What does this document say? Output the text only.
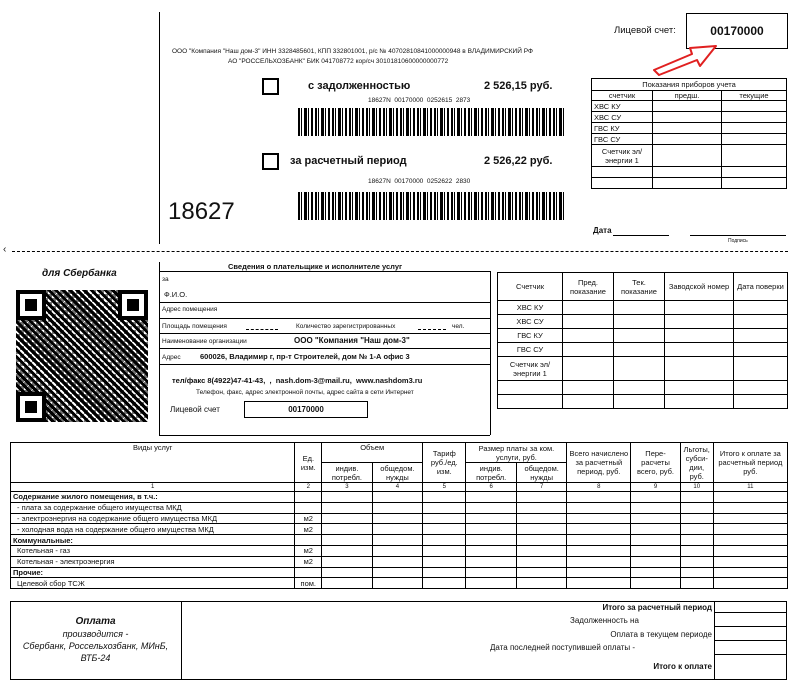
Лицевой счет:	00170000
ООО "Компания "Наш дом-3" ИНН 3328485601, КПП 332801001, р/с № 40702810841000000948 в ВЛАДИМИРСКИЙ РФ
АО "РОССЕЛЬХОЗБАНК" БИК 041708772 кор/сч 30101810600000000772
с задолженностью	2 526,15 руб.
18627N  00170000  0252615  2873
за расчетный период	2 526,22 руб.
18627N  00170000  0252622  2830
18627
Показания приборов учета		
счетчик	предш.	текущие
ХВС КУ		
ХВС СУ		
ГВС КУ		
ГВС СУ		
Счетчик эл/энергии 1		

Дата
Подпись
‹
для Сбербанка
Сведения о плательщике и исполнителе услуг
за
Ф.И.О.
Адрес помещения
Площадь помещения	Количество зарегистрированных	чел.
Наименование организации	ООО "Компания "Наш дом-3"
Адрес	600026, Владимир г, пр-т Строителей, дом № 1-А офис 3
тел/факс 8(4922)47-41-43,  ,  nash.dom-3@mail.ru,  www.nashdom3.ru
Телефон, факс, адрес электронной почты, адрес сайта в сети Интернет
Лицевой счет	00170000
Счетчик	Пред. показание	Тек. показание	Заводской номер	Дата поверки
ХВС КУ				
ХВС СУ				
ГВС КУ				
ГВС СУ				
Счетчик эл/энергии 1				

Виды услуг	Ед. изм.	Объем		Тариф руб./ед. изм.	Размер платы за ком. услуги, руб.		Всего начислено за расчетный период, руб.	Пере-расчеты всего, руб.	Льготы, субси-дии, руб.	Итого к оплате за расчетный период руб.
		индив. потребл.	общедом. нужды		индив. потребл.	общедом. нужды				
1	2	3	4	5	6	7	8	9	10	11
Содержание жилого помещения, в т.ч.:										
- плата за содержание общего имущества МКД										
- электроэнергия на содержание общего имущества МКД	м2									
- холодная вода на содержание общего имущества МКД	м2									
Коммунальные:										
Котельная - газ	м2									
Котельная - электроэнергия	м2									
Прочие:										
Целевой сбор ТСЖ	пом.									
Оплата
производится -
Сбербанк, Россельхозбанк, МИнБ,
ВТБ-24
Итого за расчетный период
Задолженность на
Оплата в текущем периоде
Дата последней поступившей оплаты -
Итого к оплате
